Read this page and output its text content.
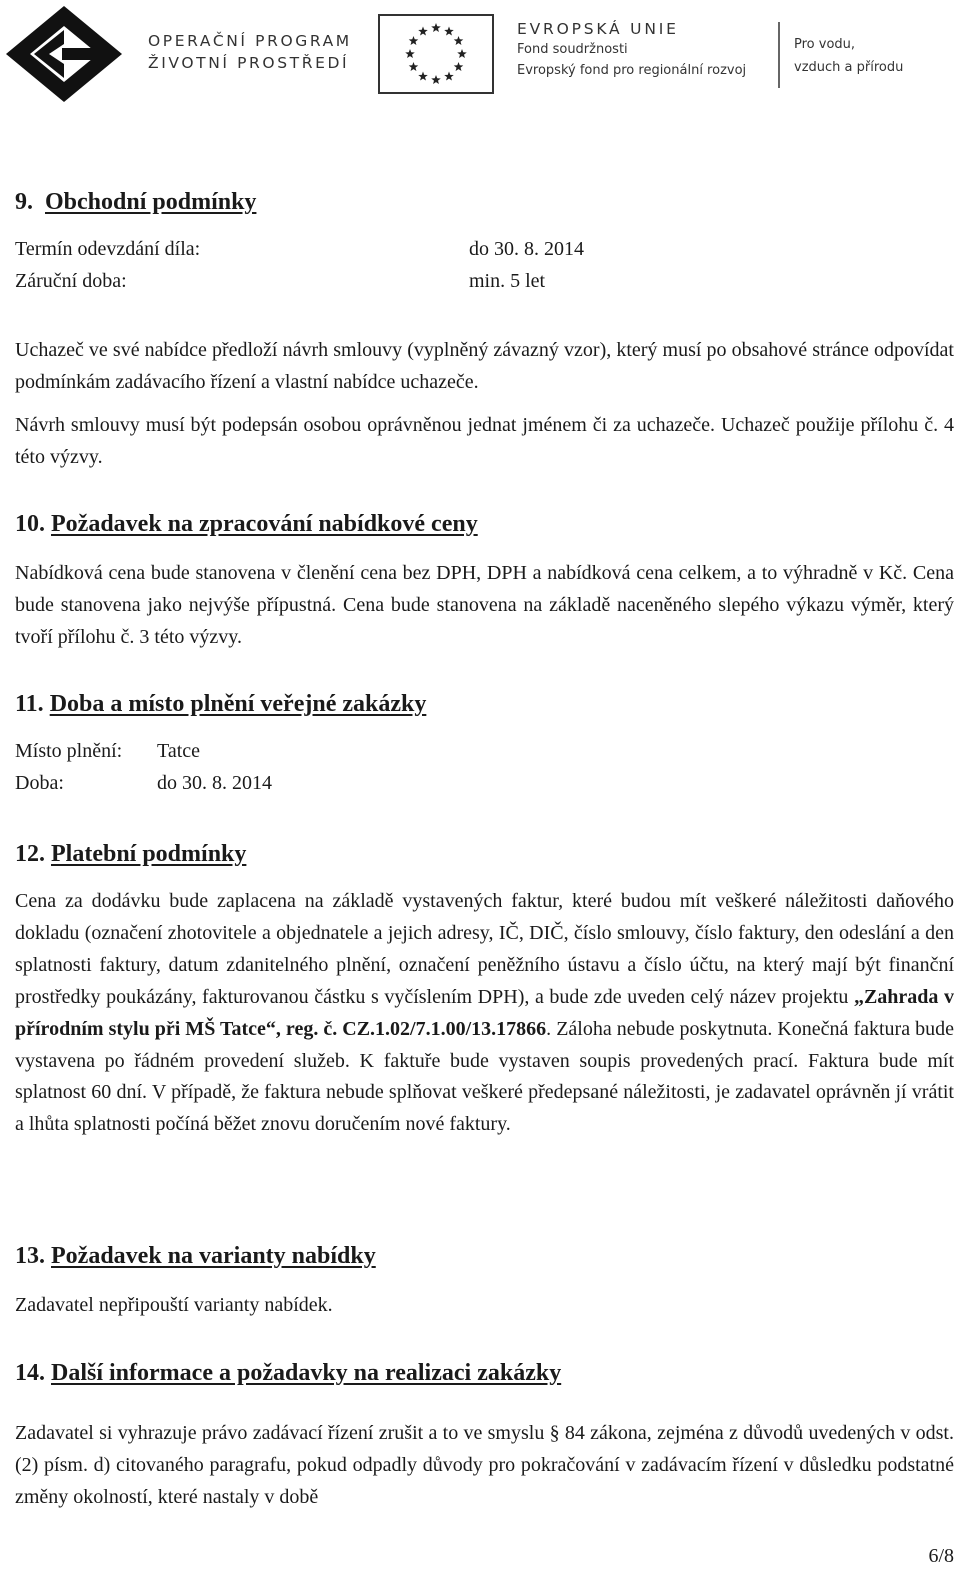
OPERAČNÍ PROGRAM
ŽIVOTNÍ PROSTŘEDÍ
EVROPSKÁ UNIE
Fond soudržnosti
Evropský fond pro regionální rozvoj
Pro vodu,
vzduch a přírodu
9. Obchodní podmínky
Termín odevzdání díla:	do 30. 8. 2014
Záruční doba:	min. 5 let
Uchazeč ve své nabídce předloží návrh smlouvy (vyplněný závazný vzor), který musí po obsahové stránce odpovídat podmínkám zadávacího řízení a vlastní nabídce uchazeče.
Návrh smlouvy musí být podepsán osobou oprávněnou jednat jménem či za uchazeče. Uchazeč použije přílohu č. 4 této výzvy.
10. Požadavek na zpracování nabídkové ceny
Nabídková cena bude stanovena v členění cena bez DPH, DPH a nabídková cena celkem, a to výhradně v Kč. Cena bude stanovena jako nejvýše přípustná. Cena bude stanovena na základě naceněného slepého výkazu výměr, který tvoří přílohu č. 3 této výzvy.
11. Doba a místo plnění veřejné zakázky
Místo plnění: Tatce
Doba:	do 30. 8. 2014
12. Platební podmínky
Cena za dodávku bude zaplacena na základě vystavených faktur, které budou mít veškeré náležitosti daňového dokladu (označení zhotovitele a objednatele a jejich adresy, IČ, DIČ, číslo smlouvy, číslo faktury, den odeslání a den splatnosti faktury, datum zdanitelného plnění, označení peněžního ústavu a číslo účtu, na který mají být finanční prostředky poukázány, fakturovanou částku s vyčíslením DPH), a bude zde uveden celý název projektu „Zahrada v přírodním stylu při MŠ Tatce“, reg. č. CZ.1.02/7.1.00/13.17866. Záloha nebude poskytnuta. Konečná faktura bude vystavena po řádném provedení služeb. K faktuře bude vystaven soupis provedených prací. Faktura bude mít splatnost 60 dní. V případě, že faktura nebude splňovat veškeré předepsané náležitosti, je zadavatel oprávněn jí vrátit a lhůta splatnosti počíná běžet znovu doručením nové faktury.
13. Požadavek na varianty nabídky
Zadavatel nepřipouští varianty nabídek.
14. Další informace a požadavky na realizaci zakázky
Zadavatel si vyhrazuje právo zadávací řízení zrušit a to ve smyslu § 84 zákona, zejména z důvodů uvedených v odst. (2) písm. d) citovaného paragrafu, pokud odpadly důvody pro pokračování v zadávacím řízení v důsledku podstatné změny okolností, které nastaly v době
6/8
